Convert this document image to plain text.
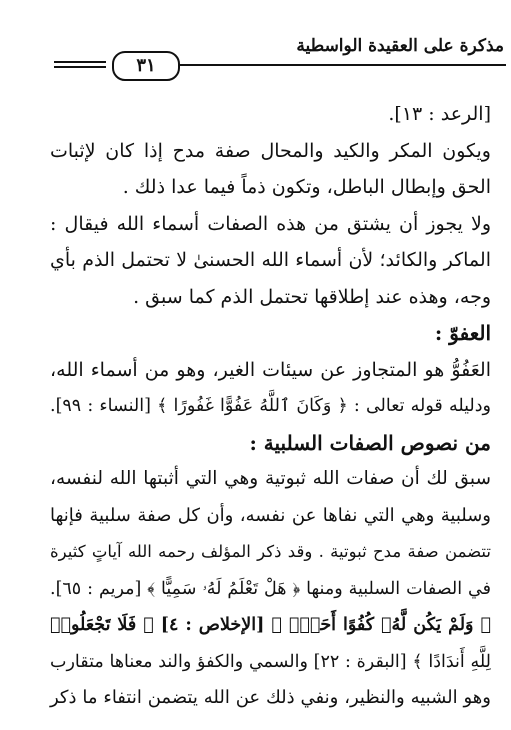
مذكرة على العقيدة الواسطية
٣١
[الرعد : ١٣].
ويكون المكر والكيد والمحال صفة مدح إذا كان لإثبات
الحق وإبطال الباطل، وتكون ذماً فيما عدا ذلك .
ولا يجوز أن يشتق من هذه الصفات أسماء الله فيقال :
الماكر والكائد؛ لأن أسماء الله الحسنىٰ لا تحتمل الذم بأي
وجه، وهذه عند إطلاقها تحتمل الذم كما سبق .
العفوّ :
العَفُوُّ هو المتجاوز عن سيئات الغير، وهو من أسماء الله،
ودليله قوله تعالى : ﴿ وَكَانَ ٱللَّهُ عَفُوًّا غَفُورًا ﴾ [النساء : ٩٩].
من نصوص الصفات السلبية :
سبق لك أن صفات الله ثبوتية وهي التي أثبتها الله لنفسه،
وسلبية وهي التي نفاها عن نفسه، وأن كل صفة سلبية فإنها
تتضمن صفة مدح ثبوتية . وقد ذكر المؤلف رحمه الله آياتٍ كثيرة
في الصفات السلبية ومنها ﴿ هَلْ تَعْلَمُ لَهُۥ سَمِيًّا ﴾ [مريم : ٦٥].
﴿ وَلَمْ يَكُن لَّهُۥ كُفُوًا أَحَدٌۢ ﴾ [الإخلاص : ٤] ﴿ فَلَا تَجْعَلُوا۟
لِلَّهِ أَندَادًا ﴾ [البقرة : ٢٢] والسمي والكفؤ والند معناها متقارب
وهو الشبيه والنظير، ونفي ذلك عن الله يتضمن انتفاء ما ذكر
